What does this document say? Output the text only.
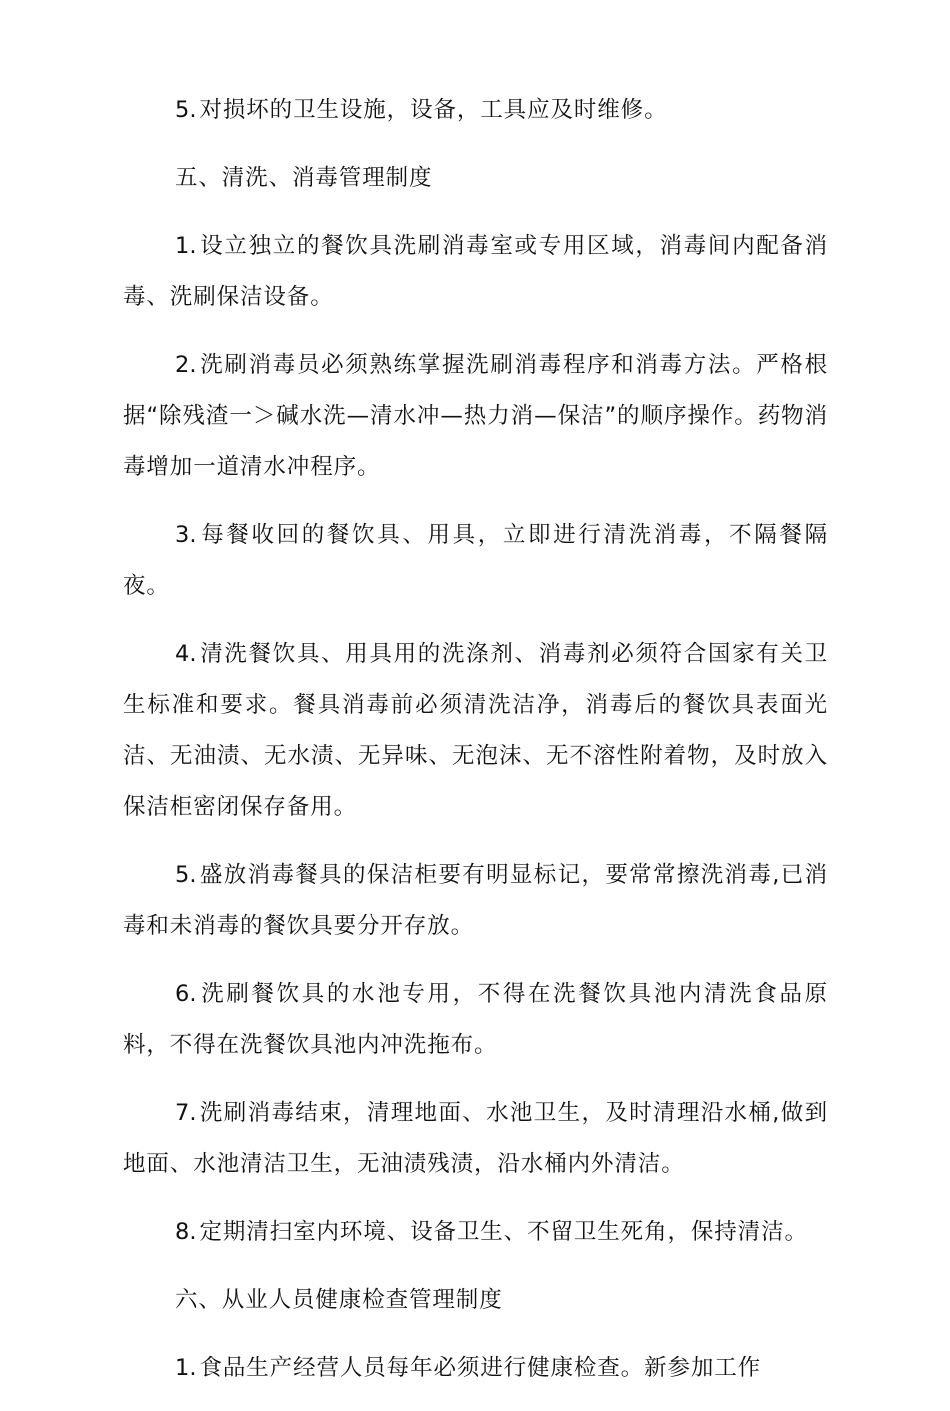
5. 对损坏的卫生设施，设备，工具应及时维修。

五、清洗、消毒管理制度

1. 设立独立的餐饮具洗刷消毒室或专用区域，消毒间内配备消毒、洗刷保洁设备。

2. 洗刷消毒员必须熟练掌握洗刷消毒程序和消毒方法。严格根据“除残渣一＞碱水洗—清水冲—热力消—保洁”的顺序操作。药物消毒增加一道清水冲程序。

3. 每餐收回的餐饮具、用具，立即进行清洗消毒，不隔餐隔夜。

4. 清洗餐饮具、用具用的洗涤剂、消毒剂必须符合国家有关卫生标准和要求。餐具消毒前必须清洗洁净，消毒后的餐饮具表面光洁、无油渍、无水渍、无异味、无泡沫、无不溶性附着物，及时放入保洁柜密闭保存备用。

5. 盛放消毒餐具的保洁柜要有明显标记，要常常擦洗消毒,已消毒和未消毒的餐饮具要分开存放。

6. 洗刷餐饮具的水池专用，不得在洗餐饮具池内清洗食品原料，不得在洗餐饮具池内冲洗拖布。

7. 洗刷消毒结束，清理地面、水池卫生，及时清理沿水桶,做到地面、水池清洁卫生，无油渍残渍，沿水桶内外清洁。

8. 定期清扫室内环境、设备卫生、不留卫生死角，保持清洁。

六、从业人员健康检查管理制度

1. 食品生产经营人员每年必须进行健康检查。新参加工作
